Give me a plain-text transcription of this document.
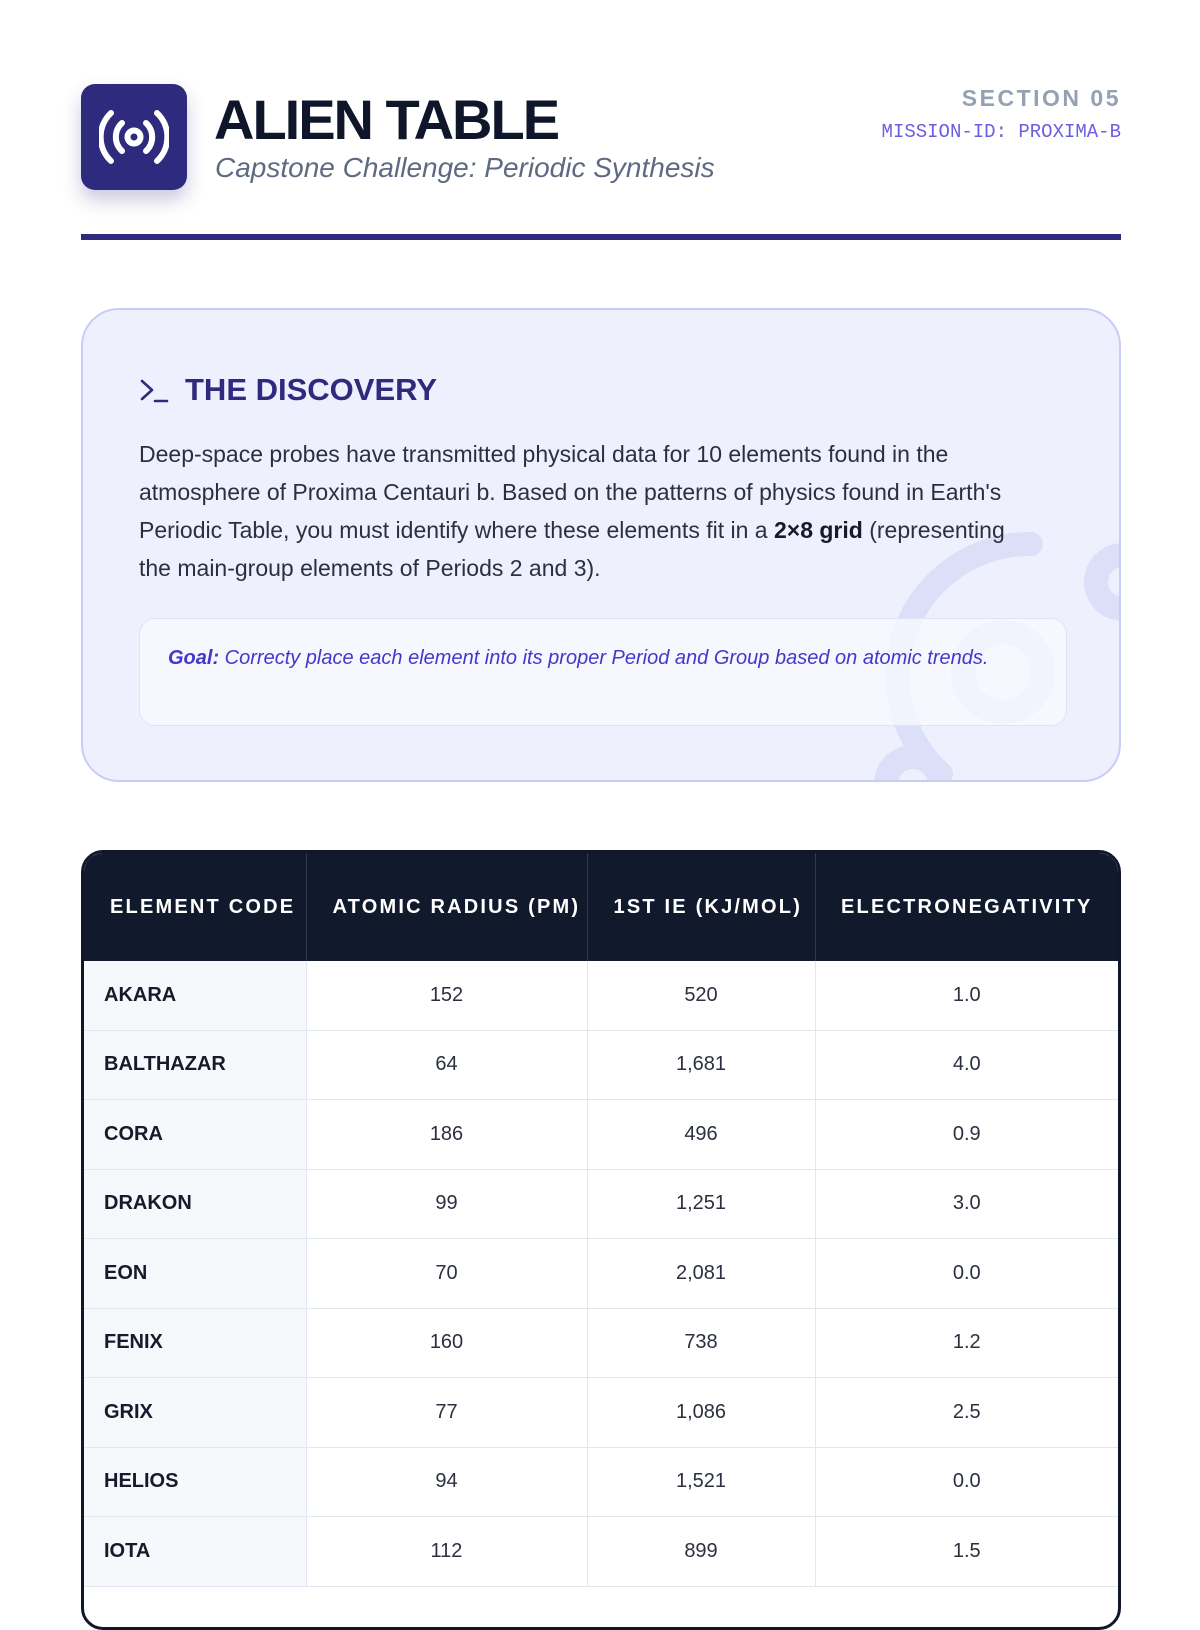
ALIEN TABLE

Capstone Challenge: Periodic Synthesis

SECTION 05
MISSION-ID: PROXIMA-B
THE DISCOVERY

Deep-space probes have transmitted physical data for 10 elements found in the atmosphere of Proxima Centauri b. Based on the patterns of physics found in Earth's Periodic Table, you must identify where these elements fit in a 2×8 grid (representing the main-group elements of Periods 2 and 3).

Goal: Correcty place each element into its proper Period and Group based on atomic trends.
ELEMENT CODE	ATOMIC RADIUS (PM)	1ST IE (KJ/MOL)	ELECTRONEGATIVITY
AKARA	152	520	1.0
BALTHAZAR	64	1,681	4.0
CORA	186	496	0.9
DRAKON	99	1,251	3.0
EON	70	2,081	0.0
FENIX	160	738	1.2
GRIX	77	1,086	2.5
HELIOS	94	1,521	0.0
IOTA	112	899	1.5
